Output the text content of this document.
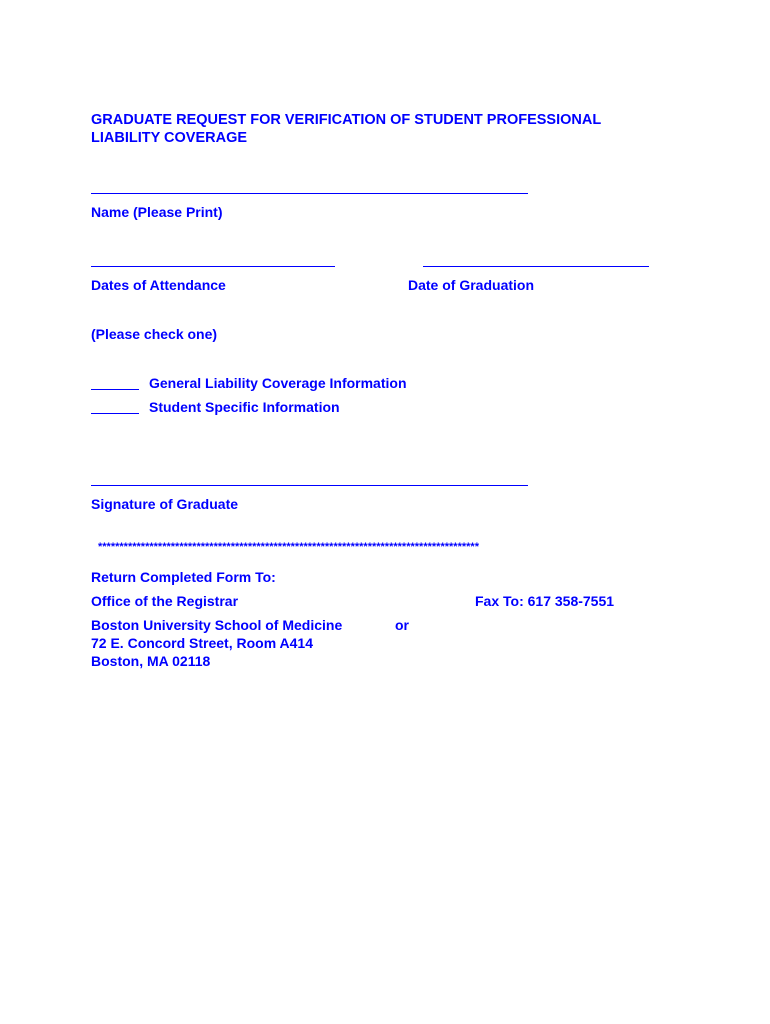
GRADUATE REQUEST FOR VERIFICATION OF STUDENT PROFESSIONAL LIABILITY COVERAGE
Name (Please Print)
Dates of Attendance	Date of Graduation
(Please check one)
General Liability Coverage Information
Student Specific Information
Signature of Graduate
*****************************************************************************************
Return Completed Form To:
Office of the Registrar	Fax To: 617 358-7551
Boston University School of Medicine	or
72 E. Concord Street, Room A414
Boston, MA 02118
